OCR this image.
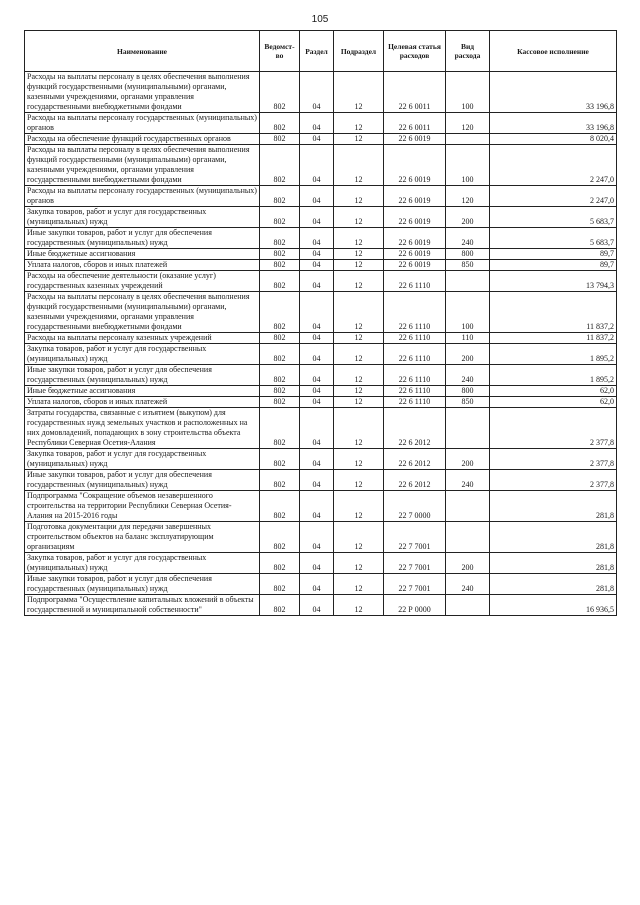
105
Наименование	Ведомст-во	Раздел	Подраздел	Целевая статья расходов	Вид расхода	Кассовое исполнение
Расходы на выплаты персоналу в целях обеспечения выполнения функций государственными (муниципальными) органами, казенными учреждениями, органами управления государственными внебюджетными фондами	802	04	12	22 6 0011	100	33 196,8
Расходы на выплаты персоналу государственных (муниципальных) органов	802	04	12	22 6 0011	120	33 196,8
Расходы на обеспечение функций государственных органов	802	04	12	22 6 0019		8 020,4
Расходы на выплаты персоналу в целях обеспечения выполнения функций государственными (муниципальными) органами, казенными учреждениями, органами управления государственными внебюджетными фондами	802	04	12	22 6 0019	100	2 247,0
Расходы на выплаты персоналу государственных (муниципальных) органов	802	04	12	22 6 0019	120	2 247,0
Закупка товаров, работ и услуг для государственных (муниципальных) нужд	802	04	12	22 6 0019	200	5 683,7
Иные закупки товаров, работ и услуг для обеспечения государственных (муниципальных) нужд	802	04	12	22 6 0019	240	5 683,7
Иные бюджетные ассигнования	802	04	12	22 6 0019	800	89,7
Уплата налогов, сборов и иных платежей	802	04	12	22 6 0019	850	89,7
Расходы на обеспечение деятельности (оказание услуг) государственных казенных учреждений	802	04	12	22 6 1110		13 794,3
Расходы на выплаты персоналу в целях обеспечения выполнения функций государственными (муниципальными) органами, казенными учреждениями, органами управления государственными внебюджетными фондами	802	04	12	22 6 1110	100	11 837,2
Расходы на выплаты персоналу казенных учреждений	802	04	12	22 6 1110	110	11 837,2
Закупка товаров, работ и услуг для государственных (муниципальных) нужд	802	04	12	22 6 1110	200	1 895,2
Иные закупки товаров, работ и услуг для обеспечения государственных (муниципальных) нужд	802	04	12	22 6 1110	240	1 895,2
Иные бюджетные ассигнования	802	04	12	22 6 1110	800	62,0
Уплата налогов, сборов и иных платежей	802	04	12	22 6 1110	850	62,0
Затраты государства, связанные с изъятием (выкупом) для государственных нужд земельных участков и расположенных на них домовладений, попадающих в зону строительства объекта Республики Северная Осетия-Алания	802	04	12	22 6 2012		2 377,8
Закупка товаров, работ и услуг для государственных (муниципальных) нужд	802	04	12	22 6 2012	200	2 377,8
Иные закупки товаров, работ и услуг для обеспечения государственных (муниципальных) нужд	802	04	12	22 6 2012	240	2 377,8
Подпрограмма "Сокращение объемов незавершенного строительства на территории Республики Северная Осетия-Алания на 2015-2016 годы	802	04	12	22 7 0000		281,8
Подготовка документации для передачи завершенных строительством объектов на баланс эксплуатирующим организациям	802	04	12	22 7 7001		281,8
Закупка товаров, работ и услуг для государственных (муниципальных) нужд	802	04	12	22 7 7001	200	281,8
Иные закупки товаров, работ и услуг для обеспечения государственных (муниципальных) нужд	802	04	12	22 7 7001	240	281,8
Подпрограмма "Осуществление капитальных вложений в объекты государственной и муниципальной собственности"	802	04	12	22 Р 0000		16 936,5
